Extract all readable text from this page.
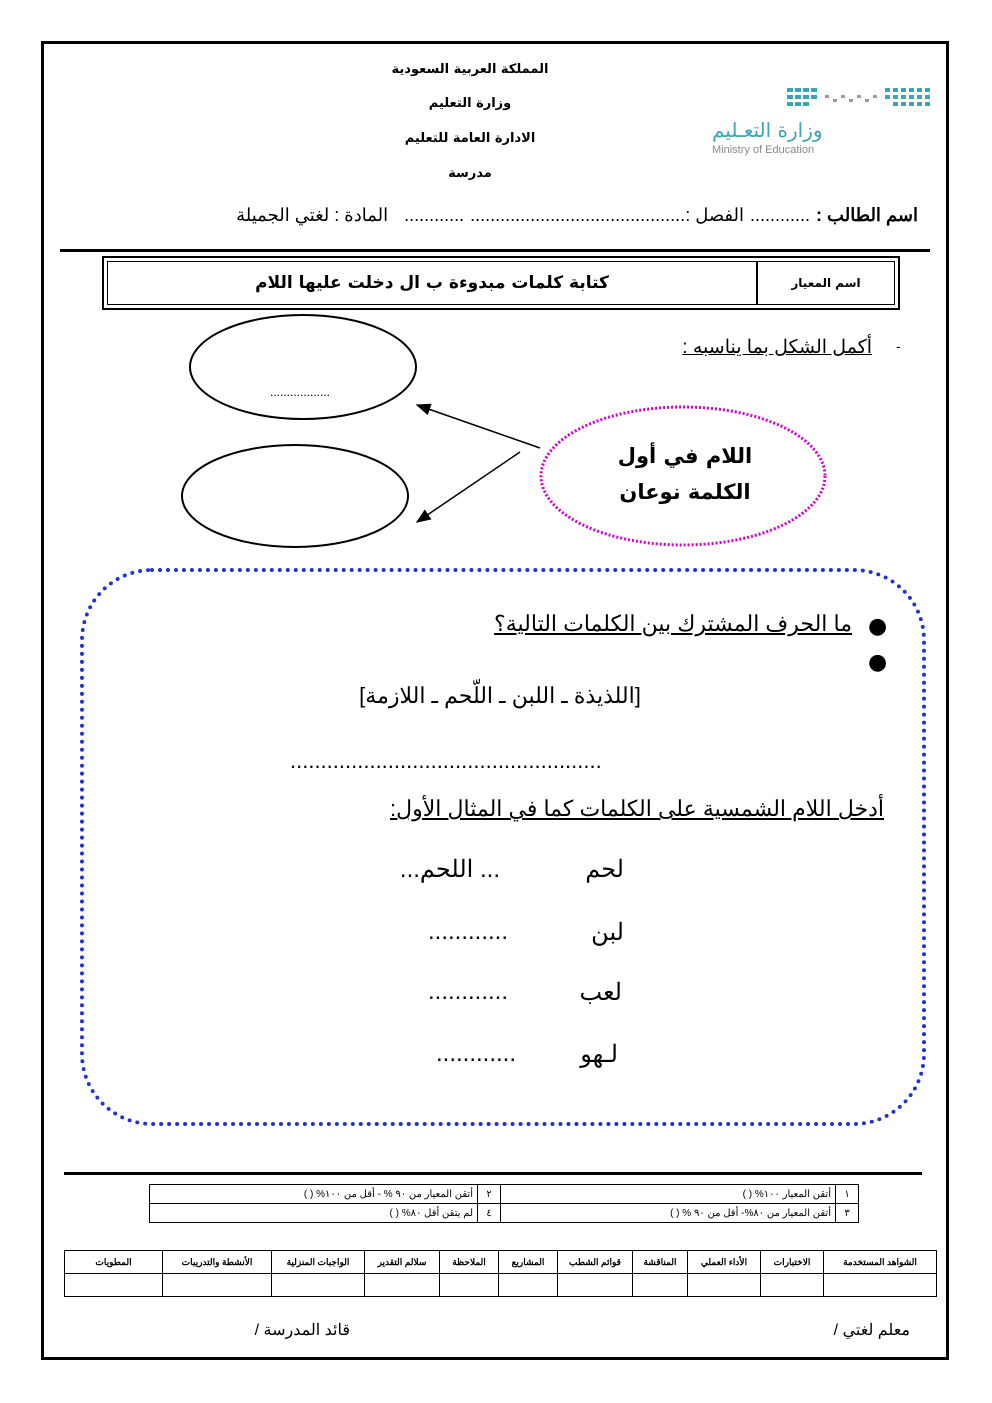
المملكة العربية السعودية
وزارة التعليم
الادارة العامة للتعليم
مدرسة
وزارة التعـليم
Ministry of Education
اسم الطالب :
............
الفصل :
...........................................
............
المادة : لغتي الجميلة
اسم المعيار
كتابة كلمات مبدوءة ب ال دخلت عليها اللام
-
أكمل الشكل بما يناسبه :
..................
اللام في أول
الكلمة نوعان
●
●
ما الحرف المشترك بين الكلمات التالية؟
[اللذيذة ـ اللبن ـ اللّحم ـ اللازمة]
...................................................
أدخل اللام الشمسية على الكلمات كما في المثال الأول:
لحم
... اللحم...
لبن
............
لعب
............
لـهو
............
١	أتقن المعيار ١٠٠% ( )	٢	أتقن المعيار من ٩٠ % - أقل من ١٠٠% ( )
٣	أتقن المعيار من ٨٠%- أقل من ٩٠ % ( )	٤	لم يتقن أقل ٨٠% ( )
الشواهد المستخدمة	الاختبارات	الأداء العملي	المناقشة	قوائم الشطب	المشاريع	الملاحظة	سلالم التقدير	الواجبات المنزلية	الأنشطة والتدريبات	المطويات

معلم لغتي /
قائد المدرسة /
